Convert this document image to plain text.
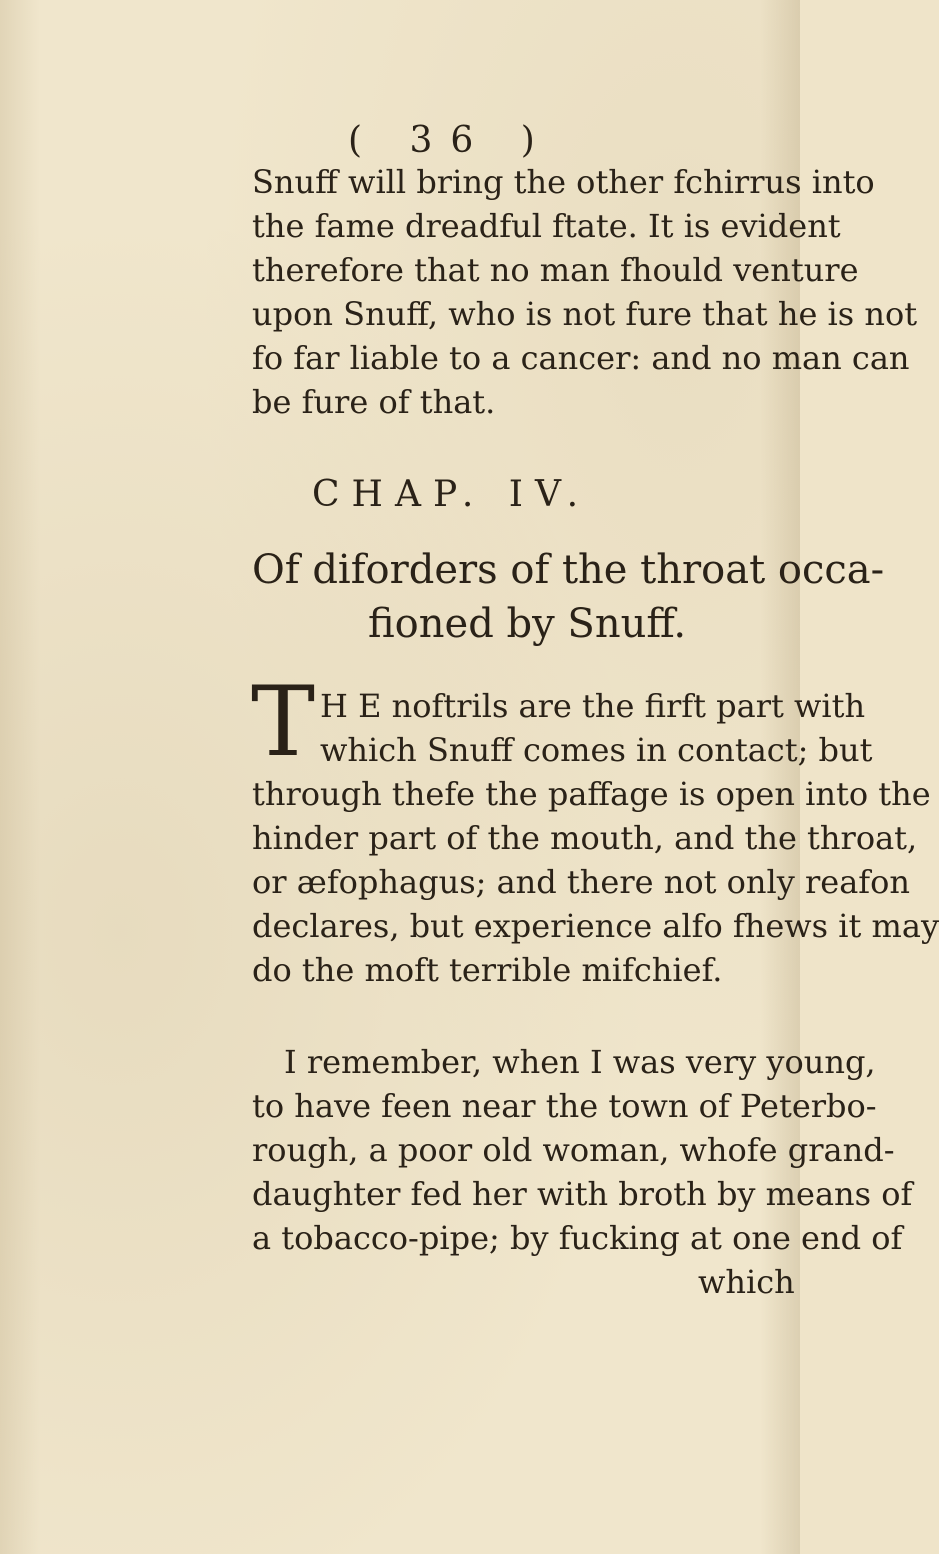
( 36 )
Snuff will bring the other fchirrus into
the fame dreadful ftate. It is evident
therefore that no man fhould venture
upon Snuff, who is not fure that he is not
fo far liable to a cancer: and no man can
be fure of that.
CHAP. IV.
Of diforders of the throat occa-
fioned by Snuff.
T H E noftrils are the firft part with
which Snuff comes in contact; but
through thefe the paffage is open into the
hinder part of the mouth, and the throat,
or æfophagus; and there not only reafon
declares, but experience alfo fhews it may
do the moft terrible mifchief.
I remember, when I was very young,
to have feen near the town of Peterbo-
rough, a poor old woman, whofe grand-
daughter fed her with broth by means of
a tobacco-pipe; by fucking at one end of
which
